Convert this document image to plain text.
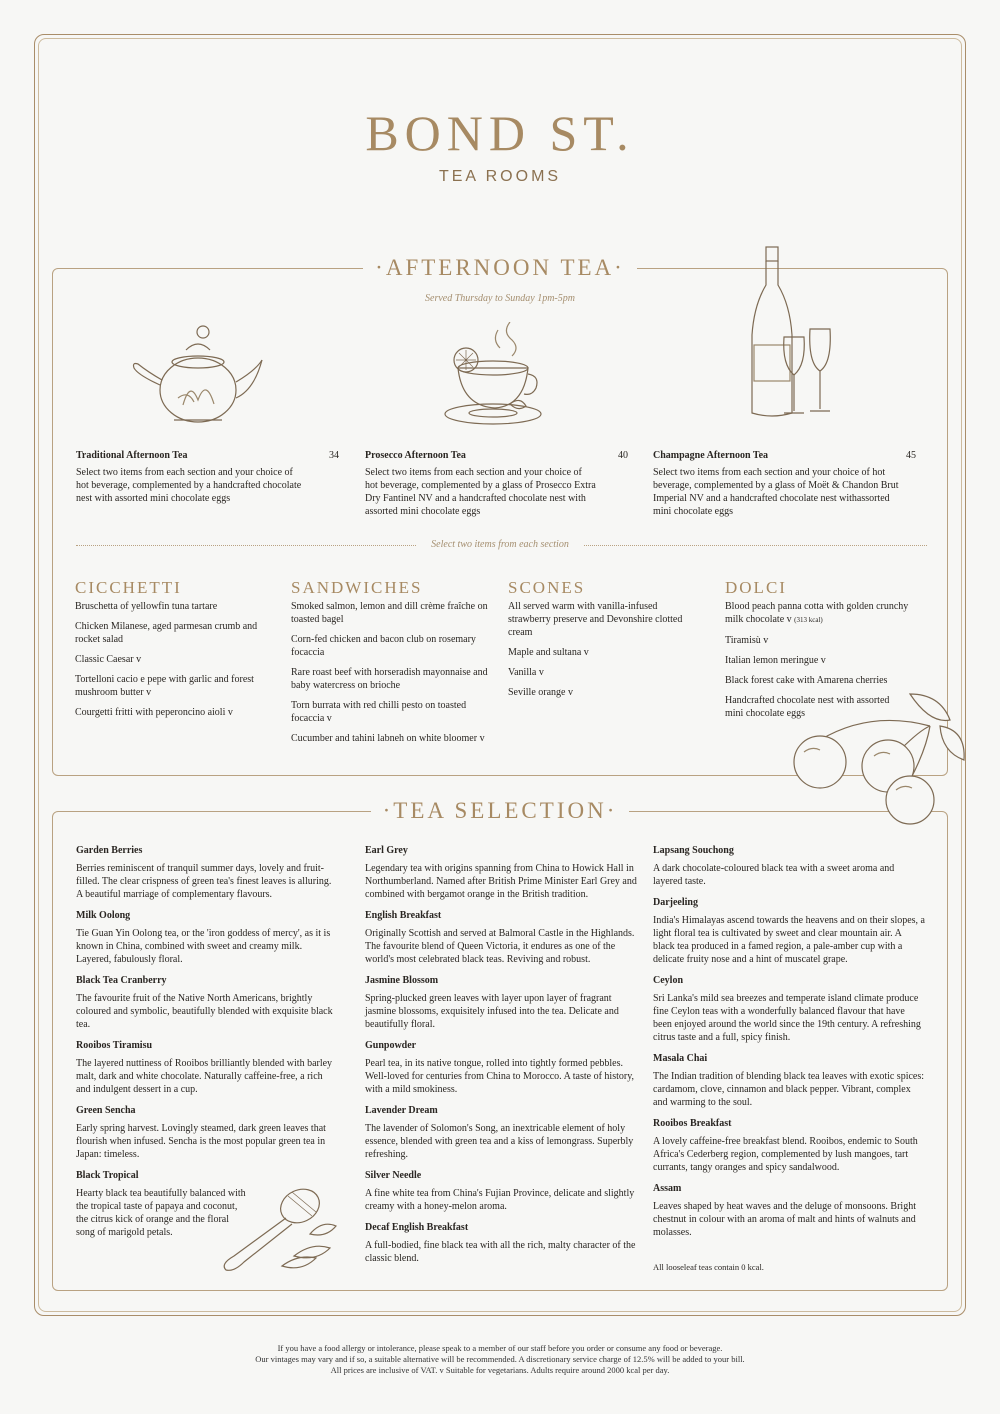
BOND ST.
TEA ROOMS
·AFTERNOON TEA·
Served Thursday to Sunday 1pm-5pm
Traditional Afternoon Tea	34
Select two items from each section and your choice of hot beverage, complemented by a handcrafted chocolate nest with assorted mini chocolate eggs
Prosecco Afternoon Tea	40
Select two items from each section and your choice of hot beverage, complemented by a glass of Prosecco Extra Dry Fantinel NV and a handcrafted chocolate nest with assorted mini chocolate eggs
Champagne Afternoon Tea	45
Select two items from each section and your choice of hot beverage, complemented by a glass of Moët & Chandon Brut Imperial NV and a handcrafted chocolate nest withassorted mini chocolate eggs
Select two items from each section
CICCHETTI
Bruschetta of yellowfin tuna tartare
Chicken Milanese, aged parmesan crumb and rocket salad
Classic Caesar v
Tortelloni cacio e pepe with garlic and forest mushroom butter v
Courgetti fritti with peperoncino aioli v
SANDWICHES
Smoked salmon, lemon and dill crème fraîche on toasted bagel
Corn-fed chicken and bacon club on rosemary focaccia
Rare roast beef with horseradish mayonnaise and baby watercress on brioche
Torn burrata with red chilli pesto on toasted focaccia v
Cucumber and tahini labneh on white bloomer v
SCONES
All served warm with vanilla-infused strawberry preserve and Devonshire clotted cream
Maple and sultana v
Vanilla v
Seville orange v
DOLCI
Blood peach panna cotta with golden crunchy milk chocolate v (313 kcal)
Tiramisù v
Italian lemon meringue v
Black forest cake with Amarena cherries
Handcrafted chocolate nest with assorted mini chocolate eggs
·TEA SELECTION·
Garden Berries
Berries reminiscent of tranquil summer days, lovely and fruit-filled. The clear crispness of green tea's finest leaves is alluring. A beautiful marriage of complementary flavours.
Milk Oolong
Tie Guan Yin Oolong tea, or the 'iron goddess of mercy', as it is known in China, combined with sweet and creamy milk. Layered, fabulously floral.
Black Tea Cranberry
The favourite fruit of the Native North Americans, brightly coloured and symbolic, beautifully blended with exquisite black tea.
Rooibos Tiramisu
The layered nuttiness of Rooibos brilliantly blended with barley malt, dark and white chocolate. Naturally caffeine-free, a rich and indulgent dessert in a cup.
Green Sencha
Early spring harvest. Lovingly steamed, dark green leaves that flourish when infused. Sencha is the most popular green tea in Japan: timeless.
Black Tropical
Hearty black tea beautifully balanced with the tropical taste of papaya and coconut, the citrus kick of orange and the floral song of marigold petals.
Earl Grey
Legendary tea with origins spanning from China to Howick Hall in Northumberland. Named after British Prime Minister Earl Grey and combined with bergamot orange in the British tradition.
English Breakfast
Originally Scottish and served at Balmoral Castle in the Highlands. The favourite blend of Queen Victoria, it endures as one of the world's most celebrated black teas. Reviving and robust.
Jasmine Blossom
Spring-plucked green leaves with layer upon layer of fragrant jasmine blossoms, exquisitely infused into the tea. Delicate and beautifully floral.
Gunpowder
Pearl tea, in its native tongue, rolled into tightly formed pebbles. Well-loved for centuries from China to Morocco. A taste of history, with a mild smokiness.
Lavender Dream
The lavender of Solomon's Song, an inextricable element of holy essence, blended with green tea and a kiss of lemongrass. Superbly refreshing.
Silver Needle
A fine white tea from China's Fujian Province, delicate and slightly creamy with a honey-melon aroma.
Decaf English Breakfast
A full-bodied, fine black tea with all the rich, malty character of the classic blend.
Lapsang Souchong
A dark chocolate-coloured black tea with a sweet aroma and layered taste.
Darjeeling
India's Himalayas ascend towards the heavens and on their slopes, a light floral tea is cultivated by sweet and clear mountain air. A black tea produced in a famed region, a pale-amber cup with a delicate fruity nose and a hint of muscatel grape.
Ceylon
Sri Lanka's mild sea breezes and temperate island climate produce fine Ceylon teas with a wonderfully balanced flavour that have been enjoyed around the world since the 19th century. A refreshing citrus taste and a full, spicy finish.
Masala Chai
The Indian tradition of blending black tea leaves with exotic spices: cardamom, clove, cinnamon and black pepper. Vibrant, complex and warming to the soul.
Rooibos Breakfast
A lovely caffeine-free breakfast blend. Rooibos, endemic to South Africa's Cederberg region, complemented by lush mangoes, tart currants, tangy oranges and spicy sandalwood.
Assam
Leaves shaped by heat waves and the deluge of monsoons. Bright chestnut in colour with an aroma of malt and hints of walnuts and molasses.
All looseleaf teas contain 0 kcal.
If you have a food allergy or intolerance, please speak to a member of our staff before you order or consume any food or beverage.
Our vintages may vary and if so, a suitable alternative will be recommended. A discretionary service charge of 12.5% will be added to your bill.
All prices are inclusive of VAT. v Suitable for vegetarians. Adults require around 2000 kcal per day.
